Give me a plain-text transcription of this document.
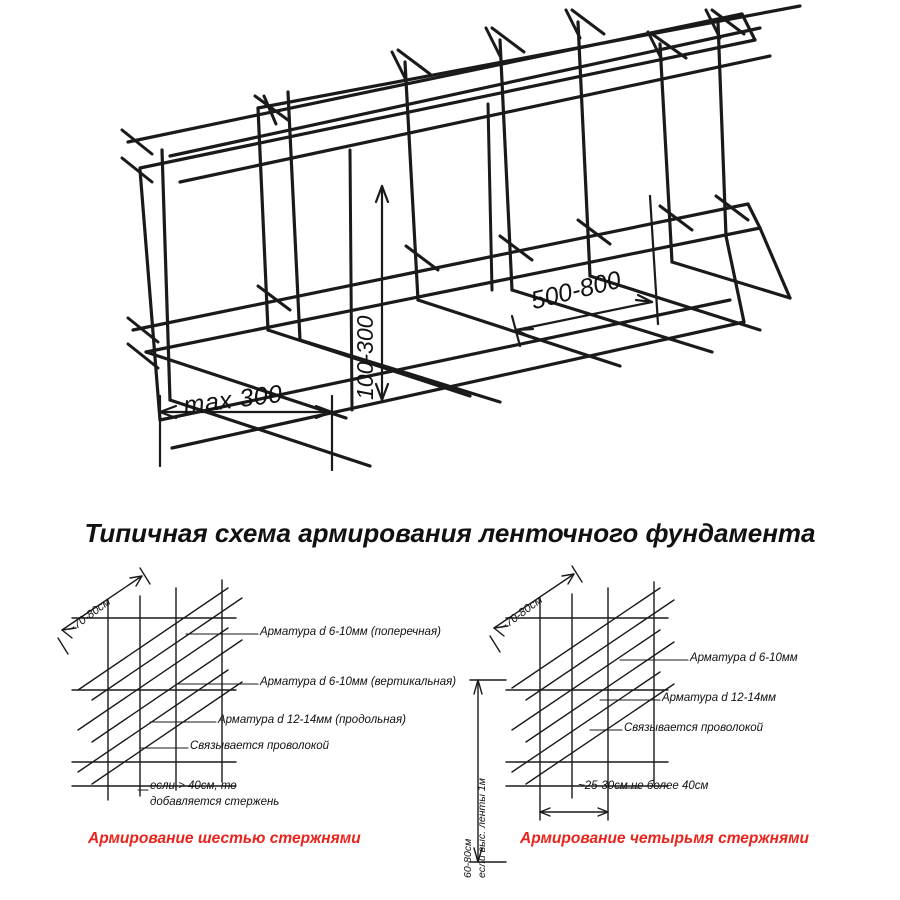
max 300
500-800
100-300
Типичная схема армирования ленточного фундамента
~70-80см	Арматура d 6-10мм (поперечная)
Арматура d 6-10мм (вертикальная)
Арматура d 12-14мм (продольная)
Связывается проволокой
если > 40см, то
добавляется стержень
Армирование шестью стержнями
~70-80см
Арматура d 6-10мм
Арматура d 12-14мм
Связывается проволокой
~25-30см не более 40см
60-80см если выс. ленты 1м Армирование четырьмя стержнями
